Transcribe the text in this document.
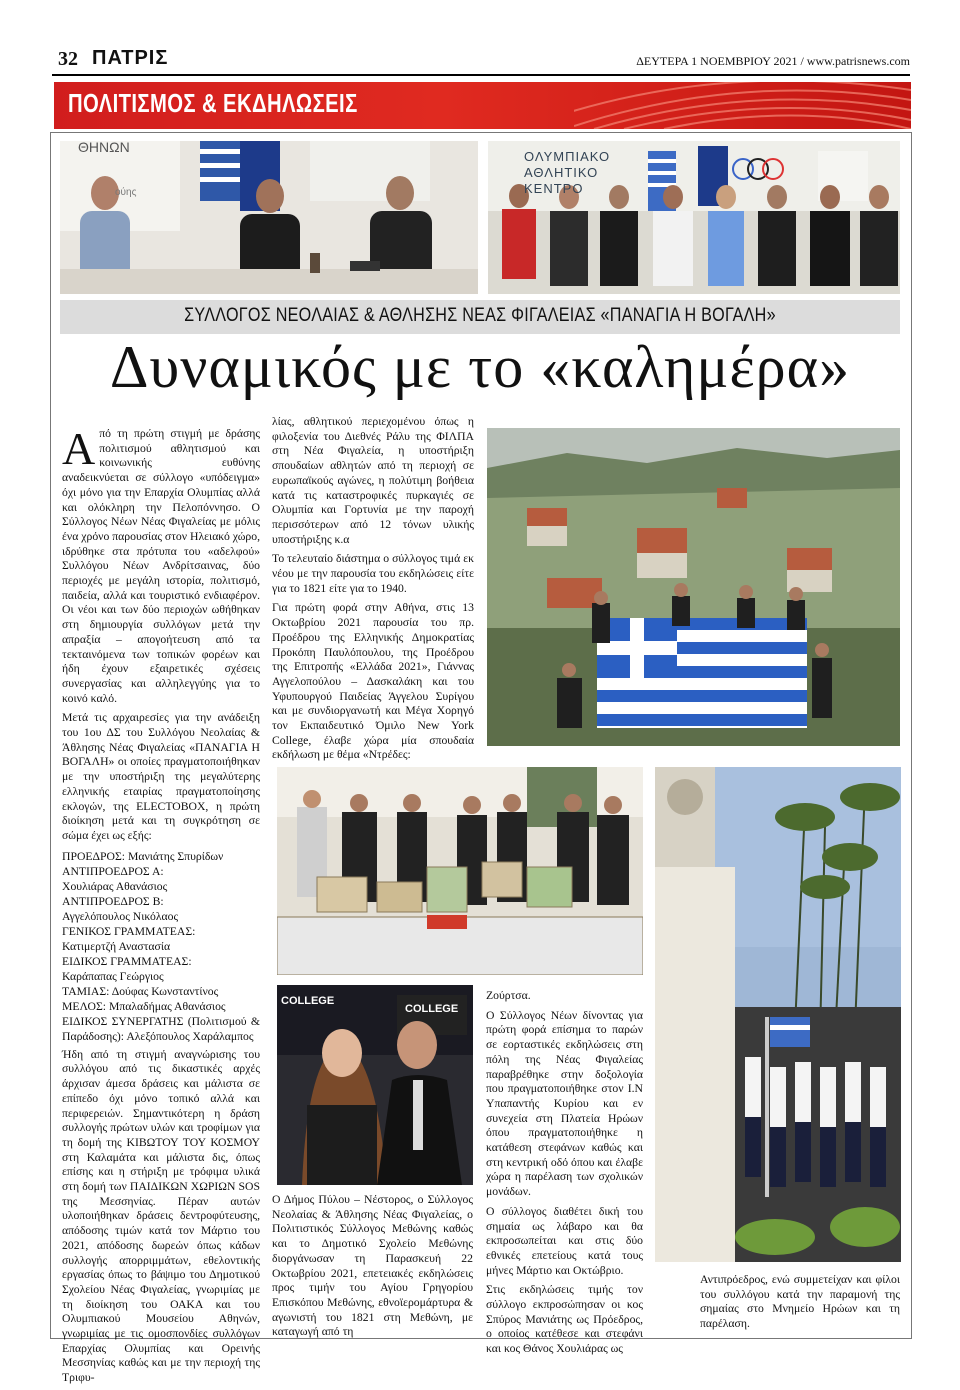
32 ΠΑΤΡΙΣ	ΔΕΥΤΕΡΑ 1 ΝΟΕΜΒΡΙΟΥ 2021 / www.patrisnews.com
ΠΟΛΙΤΙΣΜΟΣ & ΕΚΔΗΛΩΣΕΙΣ
ΘΗΝΩΝ
ούης
ΟΛΥΜΠΙΑΚΟ
ΑΘΛΗΤΙΚΟ
ΚΕΝΤΡΟ
ΣΥΛΛΟΓΟΣ ΝΕΟΛΑΙΑΣ & ΑΘΛΗΣΗΣ ΝΕΑΣ ΦΙΓΑΛΕΙΑΣ «ΠΑΝΑΓΙΑ Η ΒΟΓΑΛΗ»
Δυναμικός με το «καλημέρα»

Από τη πρώτη στιγμή με δράσης πολιτισμού αθλητισμού και κοινωνικής ευθύνης αναδεικνύεται σε σύλλογο «υπόδειγμα» όχι μόνο για την Επαρχία Ολυμπίας αλλά και ολόκληρη την Πελοπόννησο. Ο Σύλλογος Νέων Νέας Φιγαλείας με μόλις ένα χρόνο παρουσίας στον Ηλειακό χώρο, ιδρύθηκε στα πρότυπα του «αδελφού» Συλλόγου Νέων Ανδρίτσαινας, δύο περιοχές με μεγάλη ιστορία, πολιτισμό, παιδεία, αλλά και τουριστικό ενδιαφέρον. Οι νέοι και των δύο περιοχών ωθήθηκαν στη δημιουργία συλλόγων μετά την απραξία – απογοήτευση από τα τεκταινόμενα των τοπικών φορέων και ήδη έχουν εξαιρετικές σχέσεις συνεργασίας και αλληλεγγύης για το κοινό καλό.

Μετά τις αρχαιρεσίες για την ανάδειξη του 1ου ΔΣ του Συλλόγου Νεολαίας & Άθλησης Νέας Φιγαλείας «ΠΑΝΑΓΙΑ Η ΒΟΓΑΛΗ» οι οποίες πραγματοποιήθηκαν με την υποστήριξη της μεγαλύτερης ελληνικής εταιρίας πραγματοποίησης εκλογών, της ELECTOBOX, η πρώτη διοίκηση μετά και τη συγκρότηση σε σώμα έχει ως εξής:

ΠΡΟΕΔΡΟΣ: Μανιάτης Σπυρίδων
ΑΝΤΙΠΡΟΕΔΡΟΣ Α:
Χουλιάρας Αθανάσιος
ΑΝΤΙΠΡΟΕΔΡΟΣ Β:
Αγγελόπουλος Νικόλαος
ΓΕΝΙΚΟΣ ΓΡΑΜΜΑΤΕΑΣ:
Κατιμερτζή Αναστασία
ΕΙΔΙΚΟΣ ΓΡΑΜΜΑΤΕΑΣ:
Καράπαπας Γεώργιος
ΤΑΜΙΑΣ: Δούφας Κωνσταντίνος
ΜΕΛΟΣ: Μπαλαδήμας Αθανάσιος
ΕΙΔΙΚΟΣ ΣΥΝΕΡΓΑΤΗΣ (Πολιτισμού & Παράδοσης): Αλεξόπουλος Χαράλαμπος

Ήδη από τη στιγμή αναγνώρισης του συλλόγου από τις δικαστικές αρχές άρχισαν άμεσα δράσεις και μάλιστα σε επίπεδο όχι μόνο τοπικό αλλά και περιφερειών. Σημαντικότερη η δράση συλλογής πρώτων υλών και τροφίμων για τη δομή της ΚΙΒΩΤΟΥ ΤΟΥ ΚΟΣΜΟΥ στη Καλαμάτα και μάλιστα δις, όπως επίσης και η στήριξη με τρόφιμα υλικά στη δομή των ΠΑΙΔΙΚΩΝ ΧΩΡΙΩΝ SOS της Μεσσηνίας. Πέραν αυτών υλοποιήθηκαν δράσεις δεντροφύτευσης, απόδοσης τιμών κατά τον Μάρτιο του 2021, απόδοσης δωρεών όπως κάδων συλλογής απορριμμάτων, εθελοντικής εργασίας όπως το βάψιμο του Δημοτικού Σχολείου Νέας Φιγαλείας, γνωριμίας με τη διοίκηση του ΟΑΚΑ και του Ολυμπιακού Μουσείου Αθηνών, γνωριμίας με τις ομοσπονδίες συλλόγων Επαρχίας Ολυμπίας και Ορεινής Μεσσηνίας καθώς και με την περιοχή της Τριφυ-

λίας, αθλητικού περιεχομένου όπως η φιλοξενία του Διεθνές Ράλυ της ΦΙΛΠΑ στη Νέα Φιγαλεία, η υποστήριξη σπουδαίων αθλητών από τη περιοχή σε ευρωπαϊκούς αγώνες, η πολύτιμη βοήθεια κατά τις καταστροφικές πυρκαγιές σε Ολυμπία και Γορτυνία με την παροχή περισσότερων από 12 τόνων υλικής υποστήριξης κ.α

Το τελευταίο διάστημα ο σύλλογος τιμά εκ νέου με την παρουσία του εκδηλώσεις είτε για το 1821 είτε για το 1940.

Για πρώτη φορά στην Αθήνα, στις 13 Οκτωβρίου 2021 παρουσία του πρ. Προέδρου της Ελληνικής Δημοκρατίας Προκόπη Παυλόπουλου, της Προέδρου της Επιτροπής «Ελλάδα 2021», Γιάννας Αγγελοπούλου – Δασκαλάκη και του Υφυπουργού Παιδείας Άγγελου Συρίγου και με συνδιοργανωτή και Μέγα Χορηγό τον Εκπαιδευτικό Όμιλο New York College, έλαβε χώρα μία σπουδαία εκδήλωση με θέμα «Ντρέδες:

COLLEGE
COLLEGE

Ο Δήμος Πύλου – Νέστορος, ο Σύλλογος Νεολαίας & Άθλησης Νέας Φιγαλείας, ο Πολιτιστικός Σύλλογος Μεθώνης καθώς και το Δημοτικό Σχολείο Μεθώνης διοργάνωσαν τη Παρασκευή 22 Οκτωβρίου 2021, επετειακές εκδηλώσεις προς τιμήν του Αγίου Γρηγορίου Επισκόπου Μεθώνης, εθνοϊερομάρτυρα & αγωνιστή του 1821 στη Μεθώνη, με καταγωγή από τη

Ζούρτσα.

Ο Σύλλογος Νέων δίνοντας για πρώτη φορά επίσημα το παρών σε εορταστικές εκδηλώσεις στη πόλη της Νέας Φιγαλείας παραβρέθηκε στην δοξολογία που πραγματοποιήθηκε στον Ι.Ν Υπαπαντής Κυρίου και εν συνεχεία στη Πλατεία Ηρώων όπου πραγματοποιήθηκε η κατάθεση στεφάνων καθώς και στη κεντρική οδό όπου και έλαβε χώρα η παρέλαση των σχολικών μονάδων.

Ο σύλλογος διαθέτει δική του σημαία ως λάβαρο και θα εκπροσωπείται και στις δύο εθνικές επετείους κατά τους μήνες Μάρτιο και Οκτώβριο.

Στις εκδηλώσεις τιμής τον σύλλογο εκπροσώπησαν οι κος Σπύρος Μανιάτης ως Πρόεδρος, ο οποίος κατέθεσε και στεφάνι και κος Θάνος Χουλιάρας ως

Αντιπρόεδρος, ενώ συμμετείχαν και φίλοι του συλλόγου κατά την παραμονή της σημαίας στο Μνημείο Ηρώων και τη παρέλαση.
